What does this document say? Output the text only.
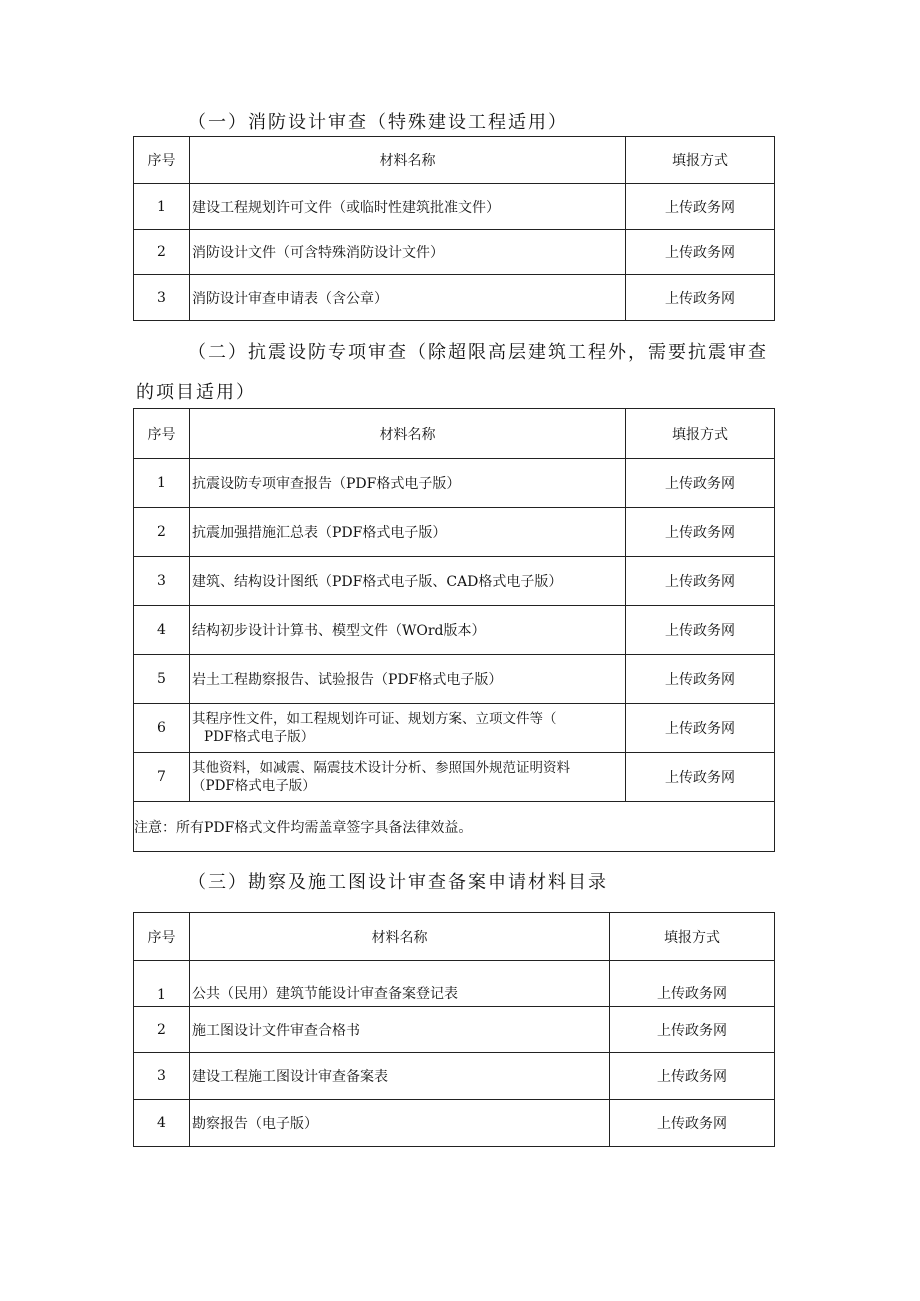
（一）消防设计审查（特殊建设工程适用）
序号	材料名称	填报方式
1	建设工程规划许可文件（或临时性建筑批准文件）	上传政务网
2	消防设计文件（可含特殊消防设计文件）	上传政务网
3	消防设计审查申请表（含公章）	上传政务网
（二）抗震设防专项审查（除超限高层建筑工程外，需要抗震审查
的项目适用）
序号	材料名称	填报方式
1	抗震设防专项审查报告（PDF格式电子版）	上传政务网
2	抗震加强措施汇总表（PDF格式电子版）	上传政务网
3	建筑、结构设计图纸（PDF格式电子版、CAD格式电子版）	上传政务网
4	结构初步设计计算书、模型文件（WOrd版本）	上传政务网
5	岩土工程勘察报告、试验报告（PDF格式电子版）	上传政务网
6	其程序性文件，如工程规划许可证、规划方案、立项文件等（
PDF格式电子版）	上传政务网
7	其他资料，如减震、隔震技术设计分析、参照国外规范证明资料
（PDF格式电子版）	上传政务网
注意：所有PDF格式文件均需盖章签字具备法律效益。		
（三）勘察及施工图设计审查备案申请材料目录
序号	材料名称	填报方式
1	公共（民用）建筑节能设计审查备案登记表	上传政务网
2	施工图设计文件审查合格书	上传政务网
3	建设工程施工图设计审查备案表	上传政务网
4	勘察报告（电子版）	上传政务网
